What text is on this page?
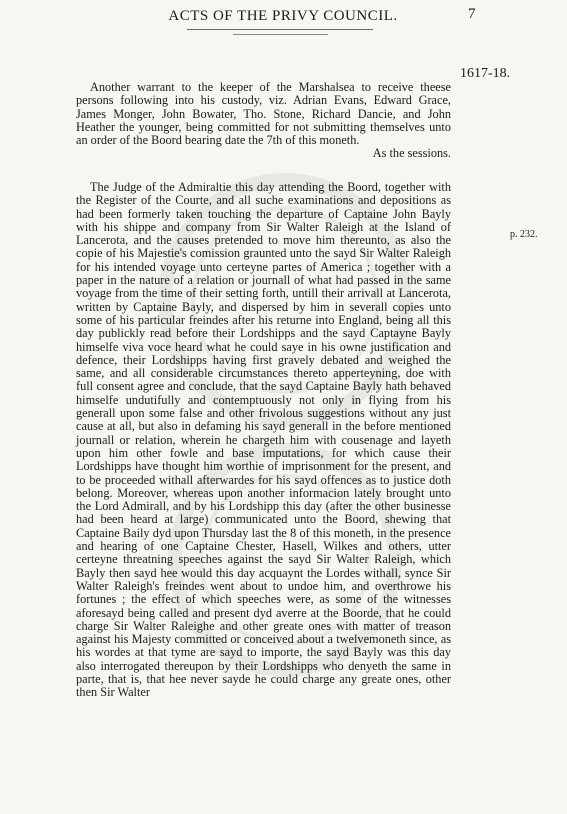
ACTS OF THE PRIVY COUNCIL.	7
1617-18.
p. 232.
Another warrant to the keeper of the Marshalsea to receive theese persons following into his custody, viz. Adrian Evans, Edward Grace, James Monger, John Bowater, Tho. Stone, Richard Dancie, and John Heather the younger, being committed for not submitting themselves unto an order of the Boord bearing date the 7th of this moneth.
As the sessions.
The Judge of the Admiraltie this day attending the Boord, together with the Register of the Courte, and all suche examinations and depositions as had been formerly taken touching the departure of Captaine John Bayly with his shippe and company from Sir Walter Raleigh at the Island of Lancerota, and the causes pretended to move him thereunto, as also the copie of his Majestie's comission graunted unto the sayd Sir Walter Raleigh for his intended voyage unto certeyne partes of America ; together with a paper in the nature of a relation or journall of what had passed in the same voyage from the time of their setting forth, untill their arrivall at Lancerota, written by Captaine Bayly, and dispersed by him in severall copies unto some of his particular freindes after his returne into England, being all this day publickly read before their Lordshipps and the sayd Captayne Bayly himselfe viva voce heard what he could saye in his owne justification and defence, their Lordshipps having first gravely debated and weighed the same, and all considerable circumstances thereto apperteyning, doe with full consent agree and conclude, that the sayd Captaine Bayly hath behaved himselfe undutifully and contemptuously not only in flying from his generall upon some false and other frivolous suggestions without any just cause at all, but also in defaming his sayd generall in the before mentioned journall or relation, wherein he chargeth him with cousenage and layeth upon him other fowle and base imputations, for which cause their Lordshipps have thought him worthie of imprisonment for the present, and to be proceeded withall afterwardes for his sayd offences as to justice doth belong. Moreover, whereas upon another informacion lately brought unto the Lord Admirall, and by his Lordshipp this day (after the other businesse had been heard at large) communicated unto the Boord, shewing that Captaine Baily dyd upon Thursday last the 8 of this moneth, in the presence and hearing of one Captaine Chester, Hasell, Wilkes and others, utter certeyne threatning speeches against the sayd Sir Walter Raleigh, which Bayly then sayd hee would this day acquaynt the Lordes withall, synce Sir Walter Raleigh's freindes went about to undoe him, and overthrowe his fortunes ; the effect of which speeches were, as some of the witnesses aforesayd being called and present dyd averre at the Boorde, that he could charge Sir Walter Raleighe and other greate ones with matter of treason against his Majesty committed or conceived about a twelvemoneth since, as his wordes at that tyme are sayd to importe, the sayd Bayly was this day also interrogated thereupon by their Lordshipps who denyeth the same in parte, that is, that hee never sayde he could charge any greate ones, other then Sir Walter
